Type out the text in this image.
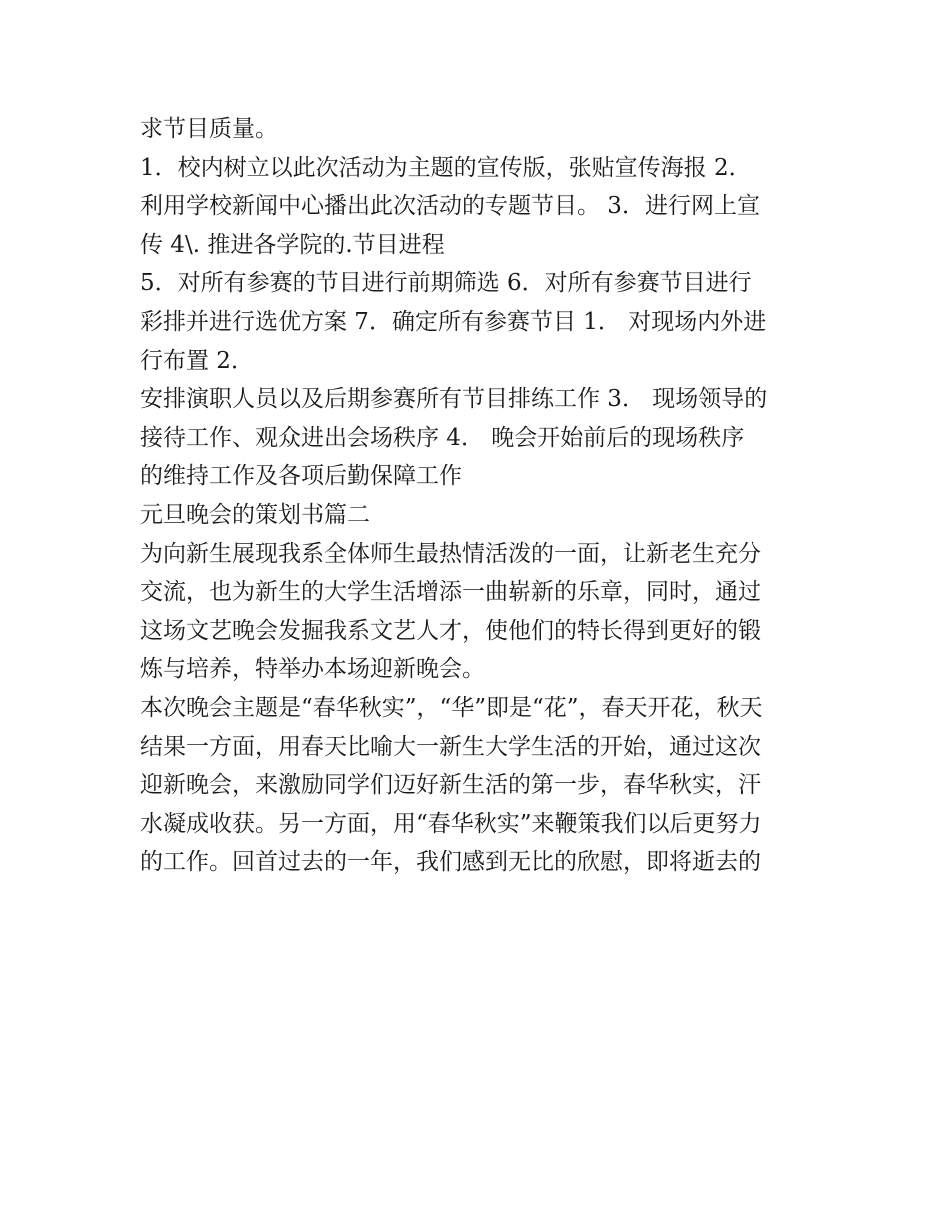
求节目质量。
1．校内树立以此次活动为主题的宣传版，张贴宣传海报 2．
利用学校新闻中心播出此次活动的专题节目。 3．进行网上宣
传 4\. 推进各学院的.节目进程
5．对所有参赛的节目进行前期筛选 6．对所有参赛节目进行
彩排并进行选优方案 7．确定所有参赛节目 1． 对现场内外进
行布置 2．
安排演职人员以及后期参赛所有节目排练工作 3． 现场领导的
接待工作、观众进出会场秩序 4． 晚会开始前后的现场秩序
的维持工作及各项后勤保障工作
元旦晚会的策划书篇二
为向新生展现我系全体师生最热情活泼的一面，让新老生充分
交流，也为新生的大学生活增添一曲崭新的乐章，同时，通过
这场文艺晚会发掘我系文艺人才，使他们的特长得到更好的锻
炼与培养，特举办本场迎新晚会。
本次晚会主题是“春华秋实”，“华”即是“花”，春天开花，秋天
结果一方面，用春天比喻大一新生大学生活的开始，通过这次
迎新晚会，来激励同学们迈好新生活的第一步，春华秋实，汗
水凝成收获。另一方面，用“春华秋实”来鞭策我们以后更努力
的工作。回首过去的一年，我们感到无比的欣慰，即将逝去的
